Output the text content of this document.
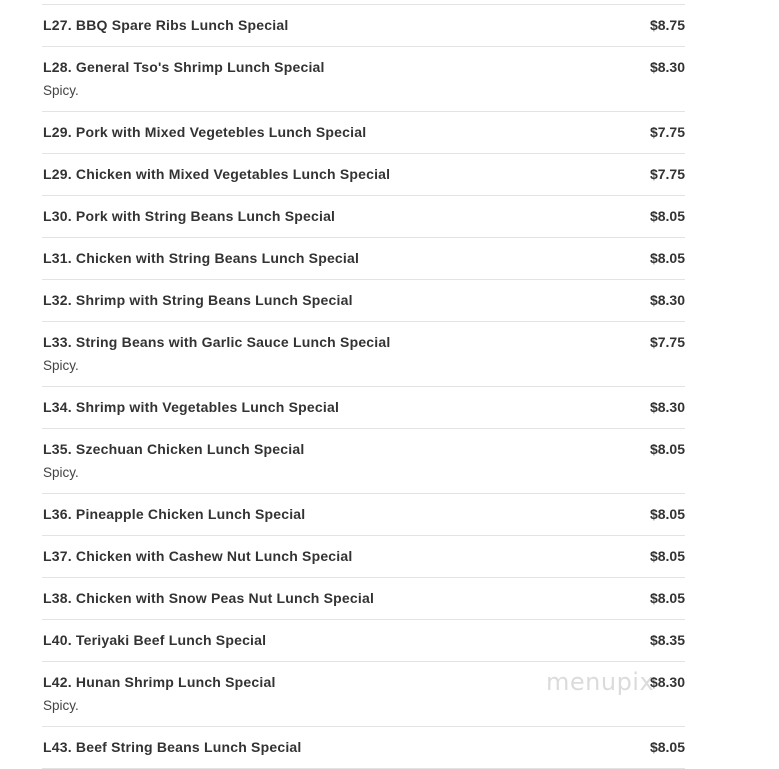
L27. BBQ Spare Ribs Lunch Special	$8.75
L28. General Tso's Shrimp Lunch Special	$8.30
Spicy.
L29. Pork with Mixed Vegetebles Lunch Special	$7.75
L29. Chicken with Mixed Vegetables Lunch Special	$7.75
L30. Pork with String Beans Lunch Special	$8.05
L31. Chicken with String Beans Lunch Special	$8.05
L32. Shrimp with String Beans Lunch Special	$8.30
L33. String Beans with Garlic Sauce Lunch Special	$7.75
Spicy.
L34. Shrimp with Vegetables Lunch Special	$8.30
L35. Szechuan Chicken Lunch Special	$8.05
Spicy.
L36. Pineapple Chicken Lunch Special	$8.05
L37. Chicken with Cashew Nut Lunch Special	$8.05
L38. Chicken with Snow Peas Nut Lunch Special	$8.05
L40. Teriyaki Beef Lunch Special	$8.35
L42. Hunan Shrimp Lunch Special	$8.30
Spicy.
L43. Beef String Beans Lunch Special	$8.05
menupix
